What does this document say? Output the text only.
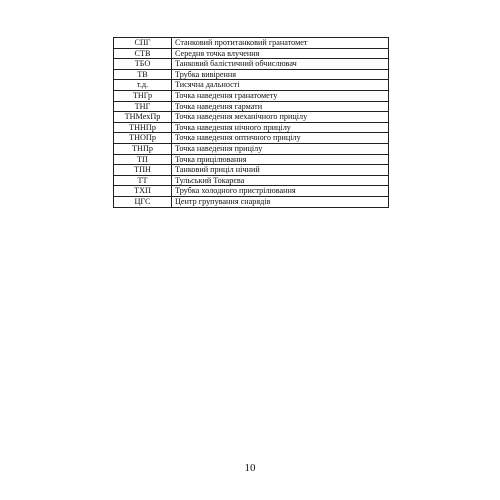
СПГ	Станковий протитанковий гранатомет
СТВ	Середня точка влучення
ТБО	Танковий балістичний обчислювач
ТВ	Трубка вивірення
т.д.	Тисячна дальності
ТНГр	Точка наведення гранатомету
ТНГ	Точка наведення гармати
ТНМехПр	Точка наведення механічного прицілу
ТННПр	Точка наведення нічного прицілу
ТНОПр	Точка наведення оптичного прицілу
ТНПр	Точка наведення прицілу
ТП	Точка прицілювання
ТПН	Танковий приціл нічний
ТТ	Тульський Токарєва
ТХП	Трубка холодного пристрілювання
ЦГС	Центр групування снарядів
10
